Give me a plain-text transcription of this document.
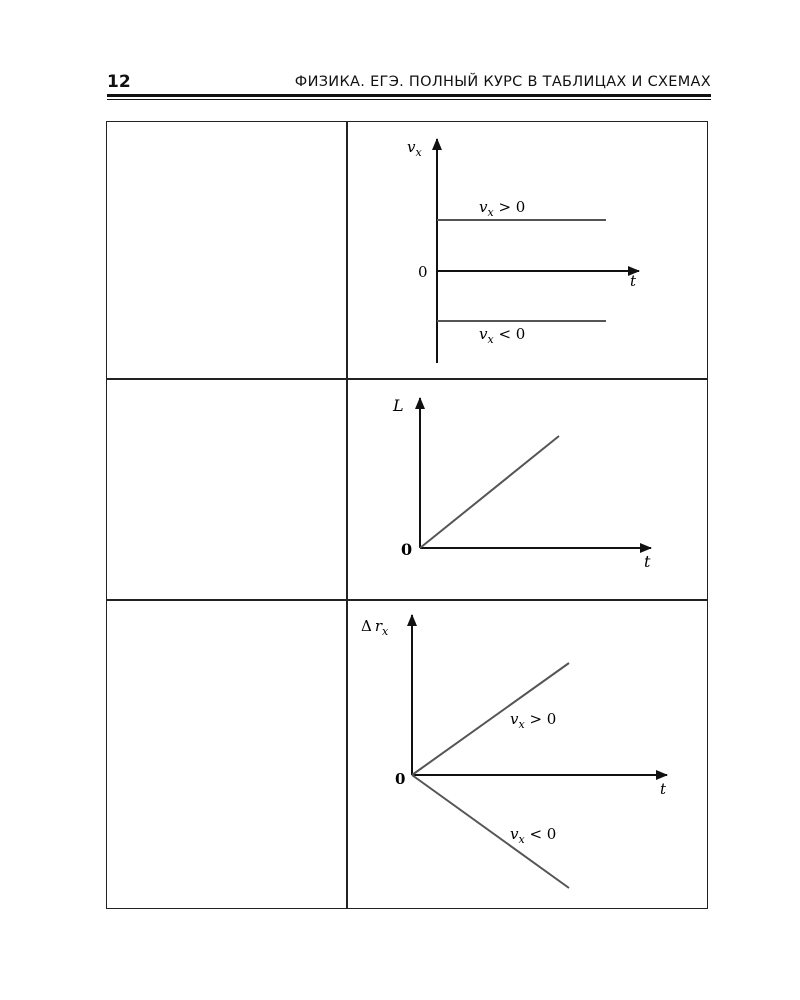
12	ФИЗИКА. ЕГЭ. ПОЛНЫЙ КУРС В ТАБЛИЦАХ И СХЕМАХ
$v_x$
0	t
$v_x > 0$
$v_x < 0$
L
0
t
Δ $r_x$
0
t
$v_x > 0$
$v_x < 0$
